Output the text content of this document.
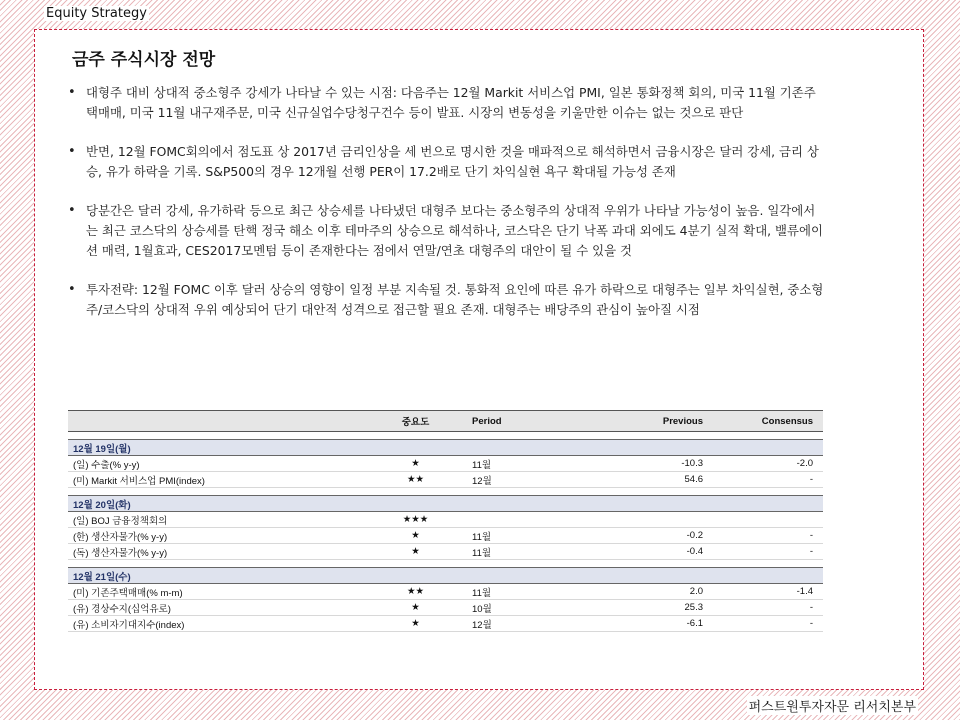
Equity Strategy
금주 주식시장 전망
• 대형주 대비 상대적 중소형주 강세가 나타날 수 있는 시점: 다음주는 12월 Markit 서비스업 PMI, 일본 통화정책 회의, 미국 11월 기존주택매매, 미국 11월 내구재주문, 미국 신규실업수당청구건수 등이 발표. 시장의 변동성을 키울만한 이슈는 없는 것으로 판단
• 반면, 12월 FOMC회의에서 점도표 상 2017년 금리인상을 세 번으로 명시한 것을 매파적으로 해석하면서 금융시장은 달러 강세, 금리 상승, 유가 하락을 기록. S&P500의 경우 12개월 선행 PER이 17.2배로 단기 차익실현 욕구 확대될 가능성 존재
• 당분간은 달러 강세, 유가하락 등으로 최근 상승세를 나타냈던 대형주 보다는 중소형주의 상대적 우위가 나타날 가능성이 높음. 일각에서는 최근 코스닥의 상승세를 탄핵 정국 해소 이후 테마주의 상승으로 해석하나, 코스닥은 단기 낙폭 과대 외에도 4분기 실적 확대, 밸류에이션 매력, 1월효과, CES2017모멘텀 등이 존재한다는 점에서 연말/연초 대형주의 대안이 될 수 있을 것
• 투자전략: 12월 FOMC 이후 달러 상승의 영향이 일정 부분 지속될 것. 통화적 요인에 따른 유가 하락으로 대형주는 일부 차익실현, 중소형주/코스닥의 상대적 우위 예상되어 단기 대안적 성격으로 접근할 필요 존재. 대형주는 배당주의 관심이 높아질 시점
	중요도	Period	Previous	Consensus

12월 19일(월)				
(일) 수출(% y-y)	★	11월	-10.3	-2.0
(미) Markit 서비스업 PMI(index)	★★	12월	54.6	-

12월 20일(화)				
(일) BOJ 금융정책회의	★★★			
(한) 생산자물가(% y-y)	★	11월	-0.2	-
(독) 생산자물가(% y-y)	★	11월	-0.4	-

12월 21일(수)				
(미) 기존주택매매(% m-m)	★★	11월	2.0	-1.4
(유) 경상수지(십억유로)	★	10월	25.3	-
(유) 소비자기대지수(index)	★	12월	-6.1	-
퍼스트원투자자문 리서치본부
